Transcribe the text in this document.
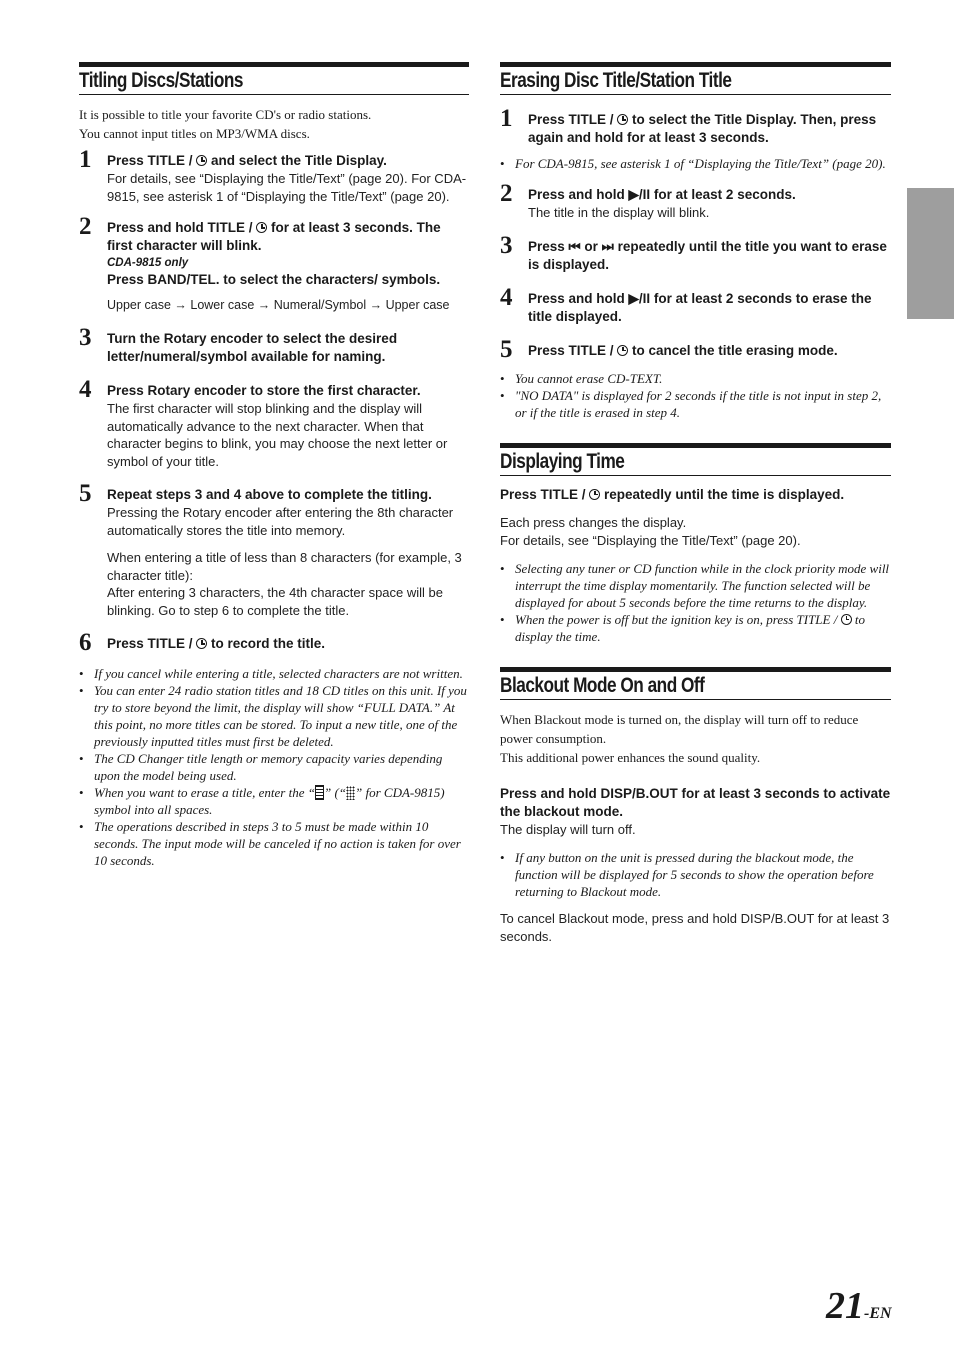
Titling Discs/Stations

It is possible to title your favorite CD's or radio stations.

You cannot input titles on MP3/WMA discs.

1 Press TITLE /  and select the Title Display.

For details, see “Displaying the Title/Text” (page 20). For CDA-9815, see asterisk 1 of “Displaying the Title/Text” (page 20).

2 Press and hold TITLE /  for at least 3 seconds. The first character will blink.

CDA-9815 only

Press BAND/TEL. to select the characters/ symbols.

Upper case → Lower case → Numeral/Symbol → Upper case

3 Turn the Rotary encoder to select the desired letter/numeral/symbol available for naming.

4 Press Rotary encoder to store the first character.

The first character will stop blinking and the display will automatically advance to the next character. When that character begins to blink, you may choose the next letter or symbol of your title.

5 Repeat steps 3 and 4 above to complete the titling.

Pressing the Rotary encoder after entering the 8th character automatically stores the title into memory.

When entering a title of less than 8 characters (for example, 3 character title):

After entering 3 characters, the 4th character space will be blinking. Go to step 6 to complete the title.

6 Press TITLE /  to record the title.

• If you cancel while entering a title, selected characters are not written.
• You can enter 24 radio station titles and 18 CD titles on this unit. If you try to store beyond the limit, the display will show “FULL DATA.” At this point, no more titles can be stored. To input a new title, one of the previously inputted titles must first be deleted.
• The CD Changer title length or memory capacity varies depending upon the model being used.
• When you want to erase a title, enter the “ ” (“ ” for CDA-9815) symbol into all spaces.
• The operations described in steps 3 to 5 must be made within 10 seconds. The input mode will be canceled if no action is taken for over 10 seconds.
Erasing Disc Title/Station Title
1 Press TITLE /  to select the Title Display. Then, press again and hold for at least 3 seconds.

• For CDA-9815, see asterisk 1 of “Displaying the Title/Text” (page 20).
2 Press and hold ▶/II for at least 2 seconds.

The title in the display will blink.

3 Press ⏮ or ⏭ repeatedly until the title you want to erase is displayed.

4 Press and hold ▶/II for at least 2 seconds to erase the title displayed.

5 Press TITLE /  to cancel the title erasing mode.

• You cannot erase CD-TEXT.
• "NO DATA" is displayed for 2 seconds if the title is not input in step 2, or if the title is erased in step 4.
Displaying Time

Press TITLE /  repeatedly until the time is displayed.

Each press changes the display.

For details, see “Displaying the Title/Text” (page 20).

• Selecting any tuner or CD function while in the clock priority mode will interrupt the time display momentarily. The function selected will be displayed for about 5 seconds before the time returns to the display.
• When the power is off but the ignition key is on, press TITLE /  to display the time.
Blackout Mode On and Off

When Blackout mode is turned on, the display will turn off to reduce power consumption.

This additional power enhances the sound quality.

Press and hold DISP/B.OUT for at least 3 seconds to activate the blackout mode.

The display will turn off.

• If any button on the unit is pressed during the blackout mode, the function will be displayed for 5 seconds to show the operation before returning to Blackout mode.

To cancel Blackout mode, press and hold DISP/B.OUT for at least 3 seconds.

21-EN
